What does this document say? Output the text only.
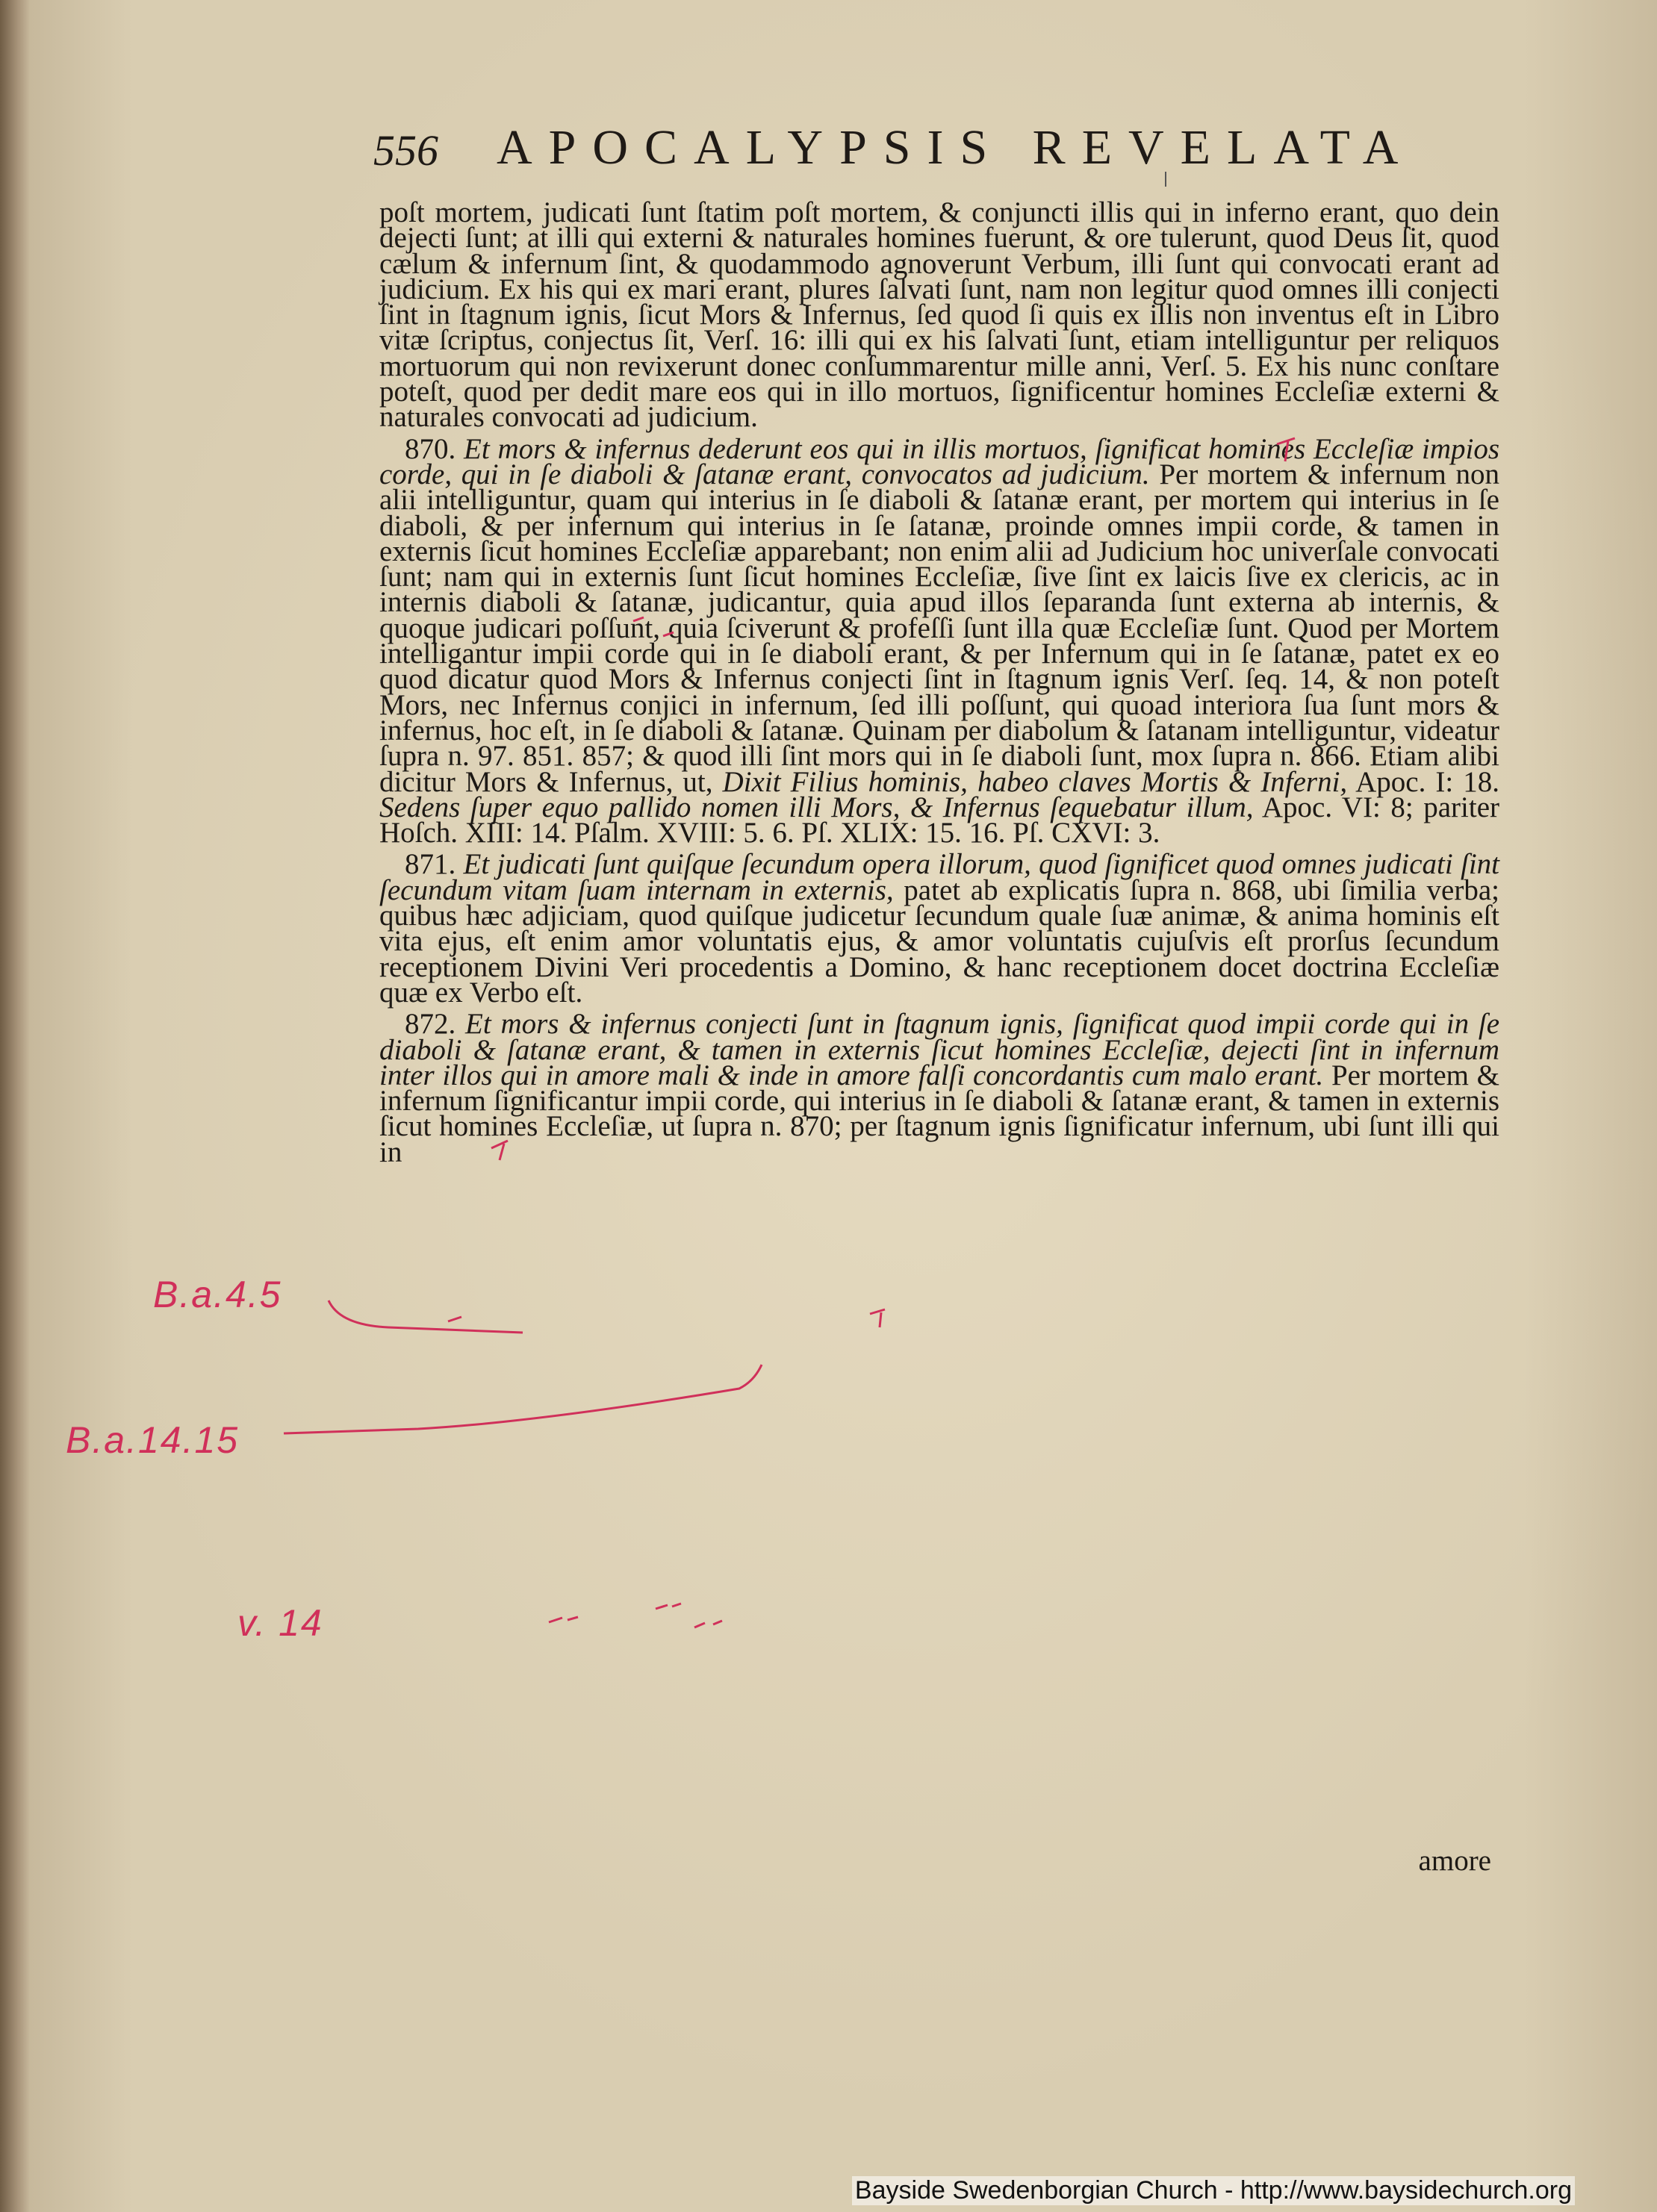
556 APOCALYPSIS REVELATA

poſt mortem, judicati ſunt ſtatim poſt mortem, & conjuncti illis qui in inferno erant, quo dein dejecti ſunt; at illi qui externi & naturales homines fuerunt, & ore tulerunt, quod Deus ſit, quod cælum & infernum ſint, & quodammodo agnoverunt Verbum, illi ſunt qui convocati erant ad judicium. Ex his qui ex mari erant, plures ſalvati ſunt, nam non legitur quod omnes illi conjecti ſint in ſtagnum ignis, ſicut Mors & Infernus, ſed quod ſi quis ex illis non inventus eſt in Libro vitæ ſcriptus, conjectus ſit, Verſ. 16: illi qui ex his ſalvati ſunt, etiam intelliguntur per reliquos mortuorum qui non revixerunt donec conſummarentur mille anni, Verſ. 5. Ex his nunc conſtare poteſt, quod per dedit mare eos qui in illo mortuos, ſignificentur homines Eccleſiæ externi & naturales convocati ad judicium.

870. Et mors & infernus dederunt eos qui in illis mortuos, ſignificat homines Eccleſiæ impios corde, qui in ſe diaboli & ſatanæ erant, convocatos ad judicium. Per mortem & infernum non alii intelliguntur, quam qui interius in ſe diaboli & ſatanæ erant, per mortem qui interius in ſe diaboli, & per infernum qui interius in ſe ſatanæ, proinde omnes impii corde, & tamen in externis ſicut homines Eccleſiæ apparebant; non enim alii ad Judicium hoc univerſale convocati ſunt; nam qui in externis ſunt ſicut homines Eccleſiæ, ſive ſint ex laicis ſive ex clericis, ac in internis diaboli & ſatanæ, judicantur, quia apud illos ſeparanda ſunt externa ab internis, & quoque judicari poſſunt, quia ſciverunt & profeſſi ſunt illa quæ Eccleſiæ ſunt. Quod per Mortem intelligantur impii corde qui in ſe diaboli erant, & per Infernum qui in ſe ſatanæ, patet ex eo quod dicatur quod Mors & Infernus conjecti ſint in ſtagnum ignis Verſ. ſeq. 14, & non poteſt Mors, nec Infernus conjici in infernum, ſed illi poſſunt, qui quoad interiora ſua ſunt mors & infernus, hoc eſt, in ſe diaboli & ſatanæ. Quinam per diabolum & ſatanam intelliguntur, videatur ſupra n. 97. 851. 857; & quod illi ſint mors qui in ſe diaboli ſunt, mox ſupra n. 866. Etiam alibi dicitur Mors & Infernus, ut, Dixit Filius hominis, habeo claves Mortis & Inferni, Apoc. I: 18. Sedens ſuper equo pallido nomen illi Mors, & Infernus ſequebatur illum, Apoc. VI: 8; pariter Hoſch. XIII: 14. Pſalm. XVIII: 5. 6. Pſ. XLIX: 15. 16. Pſ. CXVI: 3.

871. Et judicati ſunt quiſque ſecundum opera illorum, quod ſignificet quod omnes judicati ſint ſecundum vitam ſuam internam in externis, patet ab explicatis ſupra n. 868, ubi ſimilia verba; quibus hæc adjiciam, quod quiſque judicetur ſecundum quale ſuæ animæ, & anima hominis eſt vita ejus, eſt enim amor voluntatis ejus, & amor voluntatis cujuſvis eſt prorſus ſecundum receptionem Divini Veri procedentis a Domino, & hanc receptionem docet doctrina Eccleſiæ quæ ex Verbo eſt.

872. Et mors & infernus conjecti ſunt in ſtagnum ignis, ſignificat quod impii corde qui in ſe diaboli & ſatanæ erant, & tamen in externis ſicut homines Eccleſiæ, dejecti ſint in infernum inter illos qui in amore mali & inde in amore falſi concordantis cum malo erant. Per mortem & infernum ſignificantur impii corde, qui interius in ſe diaboli & ſatanæ erant, & tamen in externis ſicut homines Eccleſiæ, ut ſupra n. 870; per ſtagnum ignis ſignificatur infernum, ubi ſunt illi qui in

amore
B.a.4.5
B.a.14.15
v. 14
Bayside Swedenborgian Church - http://www.baysidechurch.org
